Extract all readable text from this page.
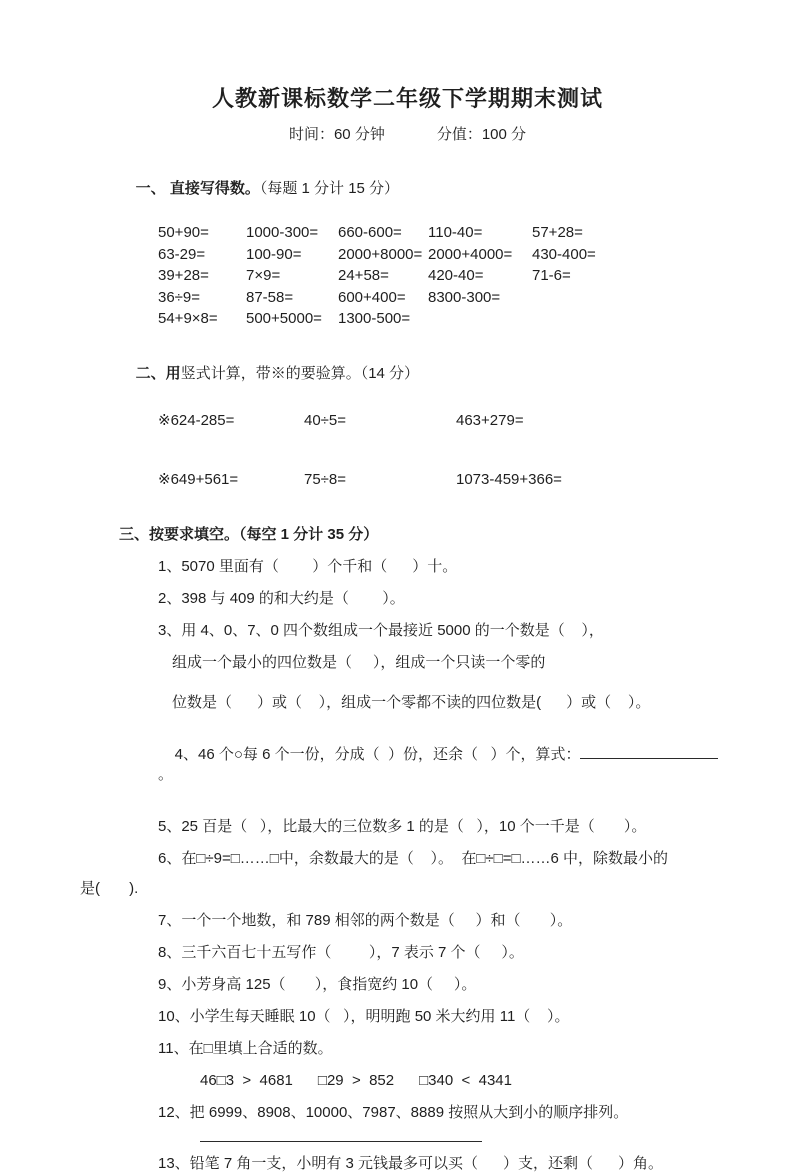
人教新课标数学二年级下学期期末测试
时间：60 分钟	分值：100 分

一、 直接写得数。（每题 1 分计 15 分）

50+90=	1000-300=	660-600=	110-40=	57+28=
63-29=	100-90=	2000+8000= 2000+4000=	430-400=
39+28=	7×9=	24+58=	420-40=	71-6=
36÷9=	87-58=	600+400=	8300-300=
54+9×8=	500+5000=	1300-500=

二、用竖式计算，带※的要验算。（14 分）

※624-285=	40÷5=	463+279=
※649+561=	75÷8=	1073-459+366=
三、按要求填空。（每空 1 分计 35 分）
1、5070 里面有（        ）个千和（      ）十。
2、398 与 409 的和大约是（        ）。
3、用 4、0、7、0 四个数组成一个最接近 5000 的一个数是（    ），
组成一个最小的四位数是（     ），组成一个只读一个零的
位数是（      ）或（    ），组成一个零都不读的四位数是(      ）或（    ）。

4、46 个○每 6 个一份，分成（  ）份，还余（   ）个，算式：。

5、25 百是（   ），比最大的三位数多 1 的是（   ），10 个一千是（       ）。
6、在□÷9=□……□中，余数最大的是（    ）。  在□÷□=□……6 中，除数最小的
是(       ).
7、一个一个地数，和 789 相邻的两个数是（     ）和（       ）。
8、三千六百七十五写作（         ），7 表示 7 个（     ）。
9、小芳身高 125（       ），食指宽约 10（     ）。
10、小学生每天睡眠 10（   ），明明跑 50 米大约用 11（    ）。
11、在□里填上合适的数。
46□3  >  4681      □29  >  852      □340  <  4341
12、把 6999、8908、10000、7987、8889 按照从大到小的顺序排列。
13、铅笔 7 角一支，小明有 3 元钱最多可以买（      ）支，还剩（      ）角。
